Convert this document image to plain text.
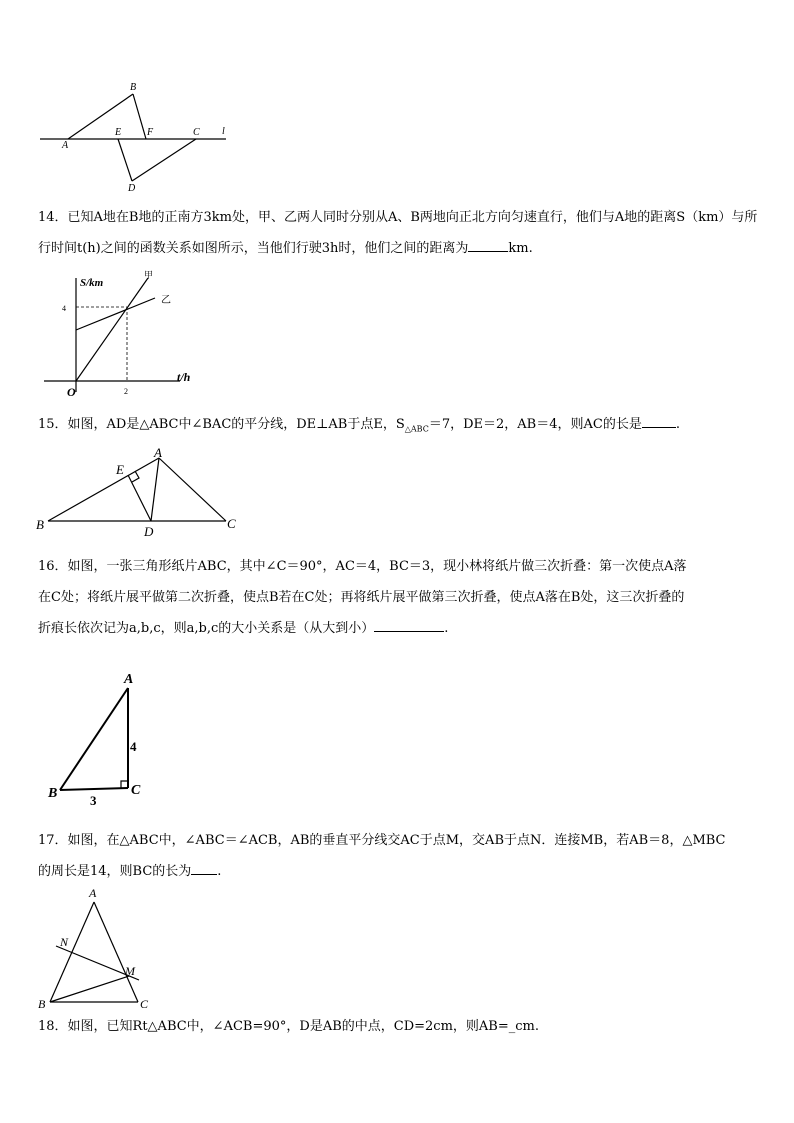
B
A
E	F	C l
D
14．已知A地在B地的正南方3km处，甲、乙两人同时分别从A、B两地向正北方向匀速直行，他们与A地的距离S（km）与所行时间t(h)之间的函数关系如图所示，当他们行驶3h时，他们之间的距离为	km.
S/km
t/h
O
4
2
甲
乙
15．如图，AD是△ABC中∠BAC的平分线，DE⊥AB于点E，$S_{\triangle ABC}=7$，DE＝2，AB＝4，则AC的长是	.
A
B	C
D
E
16．如图，一张三角形纸片ABC，其中∠C＝90°，AC＝4，BC＝3，现小林将纸片做三次折叠：第一次使点A落
在C处；将纸片展平做第二次折叠，使点B若在C处；再将纸片展平做第三次折叠，使点A落在B处，这三次折叠的
折痕长依次记为a,b,c，则a,b,c的大小关系是（从大到小）	.
A
B	C
4
3
17．如图，在△ABC中，∠ABC＝∠ACB，AB的垂直平分线交AC于点M，交AB于点N．连接MB，若AB＝8，△MBC
的周长是14，则BC的长为 .
A
B	C
M
N
18．如图，已知Rt△ABC中，∠ACB=90°，D是AB的中点，CD=2cm，则AB=_cm.
